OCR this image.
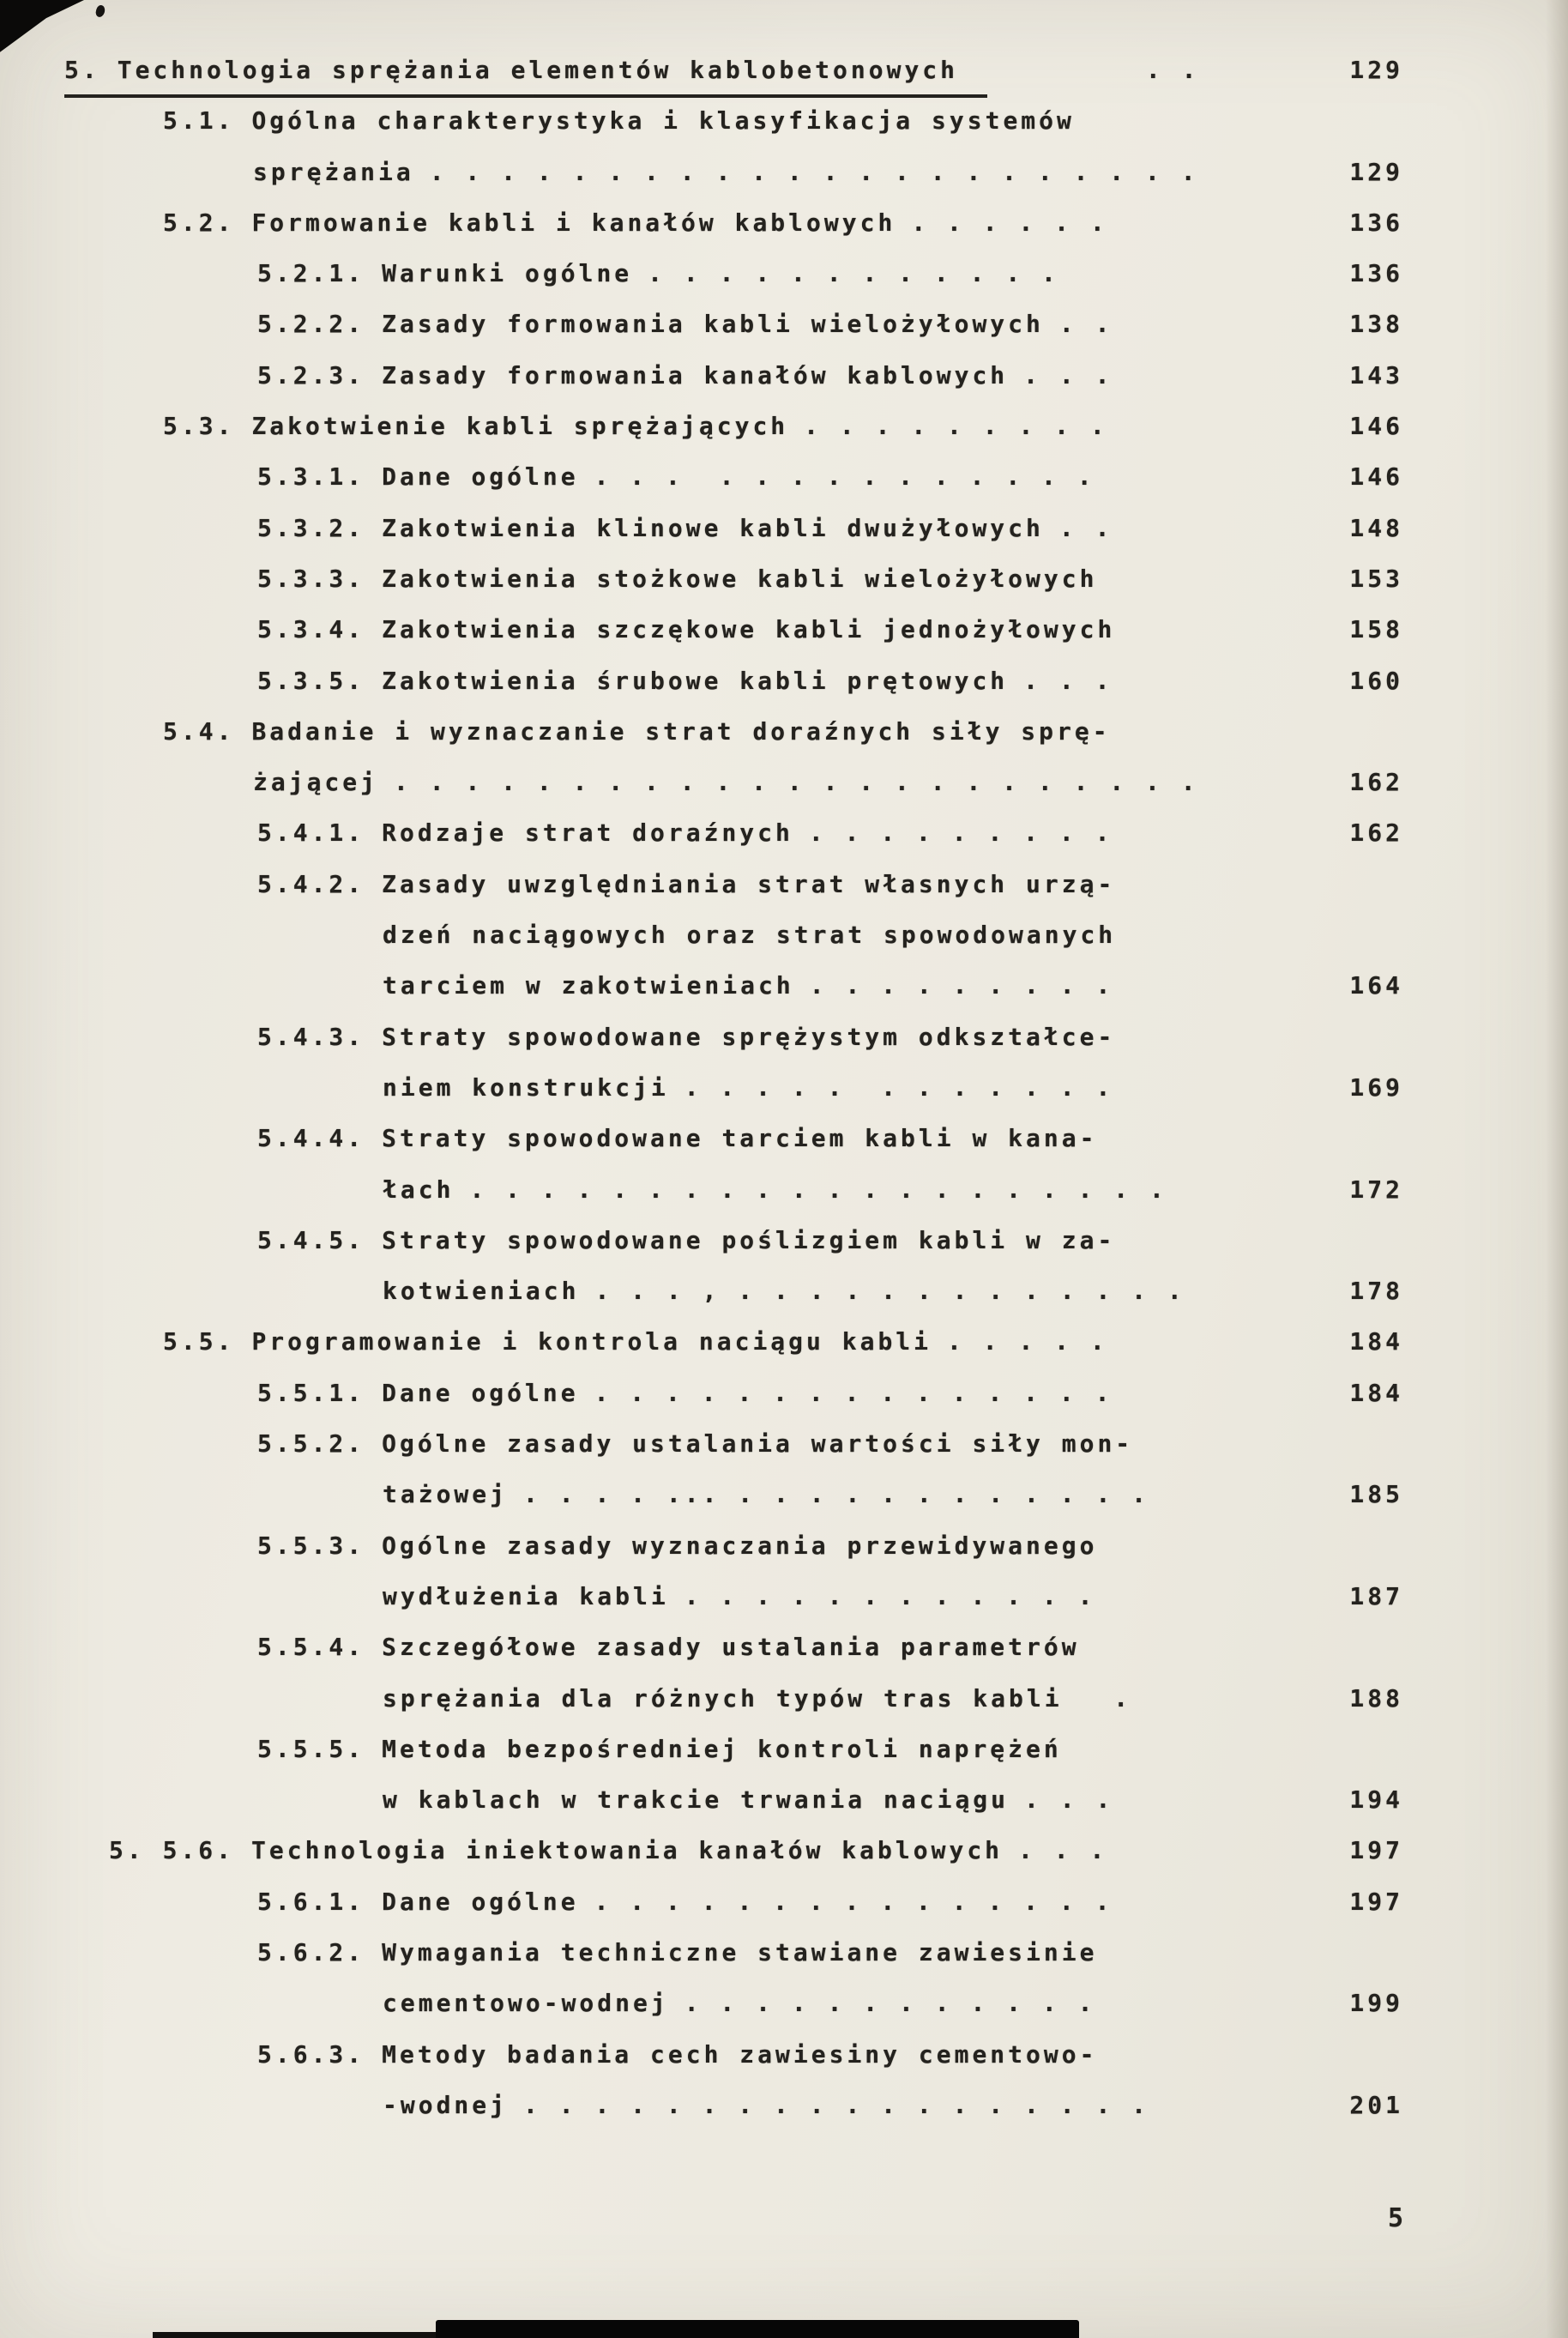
5. Technologia sprężania elementów kablobetonowych        . .	129
5.1. Ogólna charakterystyka i klasyfikacja systemów
sprężania . . . . . . . . . . . . . . . . . . . . . .	129
5.2. Formowanie kabli i kanałów kablowych . . . . . .	136
5.2.1. Warunki ogólne . . . . . . . . . . . .	136
5.2.2. Zasady formowania kabli wielożyłowych . .	138
5.2.3. Zasady formowania kanałów kablowych . . .	143
5.3. Zakotwienie kabli sprężających . . . . . . . . .	146
5.3.1. Dane ogólne . . .  . . . . . . . . . . .	146
5.3.2. Zakotwienia klinowe kabli dwużyłowych . .	148
5.3.3. Zakotwienia stożkowe kabli wielożyłowych	153
5.3.4. Zakotwienia szczękowe kabli jednożyłowych	158
5.3.5. Zakotwienia śrubowe kabli prętowych . . .	160
5.4. Badanie i wyznaczanie strat doraźnych siły sprę-
żającej . . . . . . . . . . . . . . . . . . . . . . .	162
5.4.1. Rodzaje strat doraźnych . . . . . . . . .	162
5.4.2. Zasady uwzględniania strat własnych urzą-
dzeń naciągowych oraz strat spowodowanych
tarciem w zakotwieniach . . . . . . . . .	164
5.4.3. Straty spowodowane sprężystym odkształce-
niem konstrukcji . . . . .  . . . . . . .	169
5.4.4. Straty spowodowane tarciem kabli w kana-
łach . . . . . . . . . . . . . . . . . . . .	172
5.4.5. Straty spowodowane poślizgiem kabli w za-
kotwieniach . . . , . . . . . . . . . . . . .	178
5.5. Programowanie i kontrola naciągu kabli . . . . .	184
5.5.1. Dane ogólne . . . . . . . . . . . . . . .	184
5.5.2. Ogólne zasady ustalania wartości siły mon-
tażowej . . . . ... . . . . . . . . . . . .	185
5.5.3. Ogólne zasady wyznaczania przewidywanego
wydłużenia kabli . . . . . . . . . . . .	187
5.5.4. Szczegółowe zasady ustalania parametrów
sprężania dla różnych typów tras kabli  .	188
5.5.5. Metoda bezpośredniej kontroli naprężeń
w kablach w trakcie trwania naciągu . . .	194
5. 5.6. Technologia iniektowania kanałów kablowych . . .	197
5.6.1. Dane ogólne . . . . . . . . . . . . . . .	197
5.6.2. Wymagania techniczne stawiane zawiesinie
cementowo-wodnej . . . . . . . . . . . .	199
5.6.3. Metody badania cech zawiesiny cementowo-
-wodnej . . . . . . . . . . . . . . . . . .	201
5
